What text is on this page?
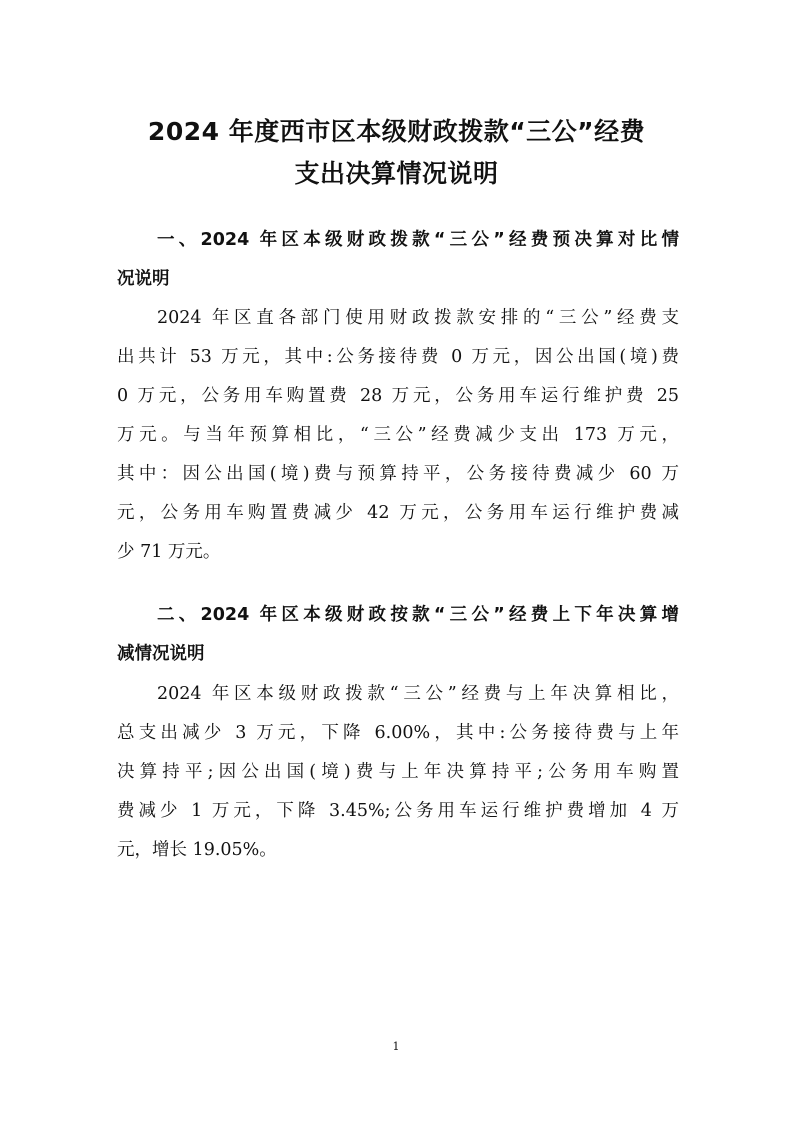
2024 年度西市区本级财政拨款“三公”经费
支出决算情况说明
一、2024 年区本级财政拨款“三公”经费预决算对比情
况说明
2024 年区直各部门使用财政拨款安排的“三公”经费支
出共计 53 万元，其中:公务接待费 0 万元，因公出国(境)费
0 万元，公务用车购置费 28 万元，公务用车运行维护费 25
万元。与当年预算相比，“三公”经费减少支出 173 万元，
其中：因公出国(境)费与预算持平，公务接待费减少 60 万
元，公务用车购置费减少 42 万元，公务用车运行维护费减
少 71 万元。
二、2024 年区本级财政按款“三公”经费上下年决算增
减情况说明
2024 年区本级财政拨款“三公”经费与上年决算相比，
总支出减少 3 万元，下降 6.00%，其中:公务接待费与上年
决算持平;因公出国(境)费与上年决算持平;公务用车购置
费减少 1 万元，下降 3.45%;公务用车运行维护费增加 4 万
元，增长 19.05%。
1
